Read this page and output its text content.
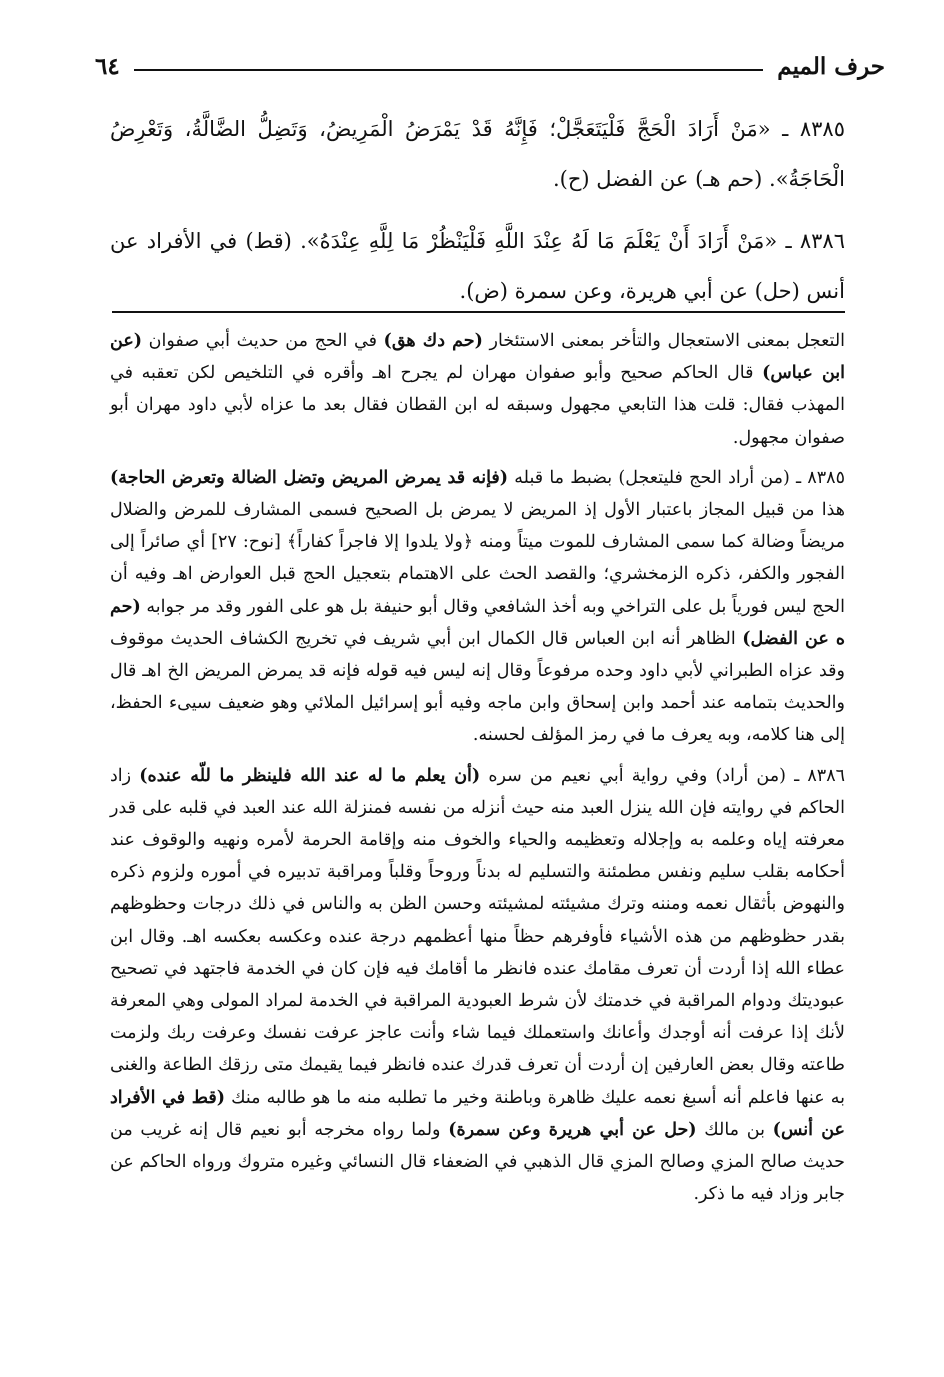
حرف الميم
٦٤

٨٣٨٥ ـ «مَنْ أَرَادَ الْحَجَّ فَلْيَتَعَجَّلْ؛ فَإِنَّهُ قَدْ يَمْرَضُ الْمَرِيضُ، وَتَضِلُّ الضَّالَّةُ، وَتَعْرِضُ الْحَاجَةُ». (حم هـ) عن الفضل (ح).

٨٣٨٦ ـ «مَنْ أَرَادَ أَنْ يَعْلَمَ مَا لَهُ عِنْدَ اللَّهِ فَلْيَنْظُرْ مَا لِلَّهِ عِنْدَهُ». (قط) في الأفراد عن أنس (حل) عن أبي هريرة، وعن سمرة (ض).

التعجل بمعنى الاستعجال والتأخر بمعنى الاستئخار (حم دك هق) في الحج من حديث أبي صفوان (عن ابن عباس) قال الحاكم صحيح وأبو صفوان مهران لم يجرح اهـ وأقره في التلخيص لكن تعقبه في المهذب فقال: قلت هذا التابعي مجهول وسبقه له ابن القطان فقال بعد ما عزاه لأبي داود مهران أبو صفوان مجهول.

٨٣٨٥ ـ (من أراد الحج فليتعجل) بضبط ما قبله (فإنه قد يمرض المريض وتضل الضالة وتعرض الحاجة) هذا من قبيل المجاز باعتبار الأول إذ المريض لا يمرض بل الصحيح فسمى المشارف للمرض والضلال مريضاً وضالة كما سمى المشارف للموت ميتاً ومنه ﴿ولا يلدوا إلا فاجراً كفاراً﴾ [نوح: ٢٧] أي صائراً إلى الفجور والكفر، ذكره الزمخشري؛ والقصد الحث على الاهتمام بتعجيل الحج قبل العوارض اهـ وفيه أن الحج ليس فورياً بل على التراخي وبه أخذ الشافعي وقال أبو حنيفة بل هو على الفور وقد مر جوابه (حم ه عن الفضل) الظاهر أنه ابن العباس قال الكمال ابن أبي شريف في تخريج الكشاف الحديث موقوف وقد عزاه الطبراني لأبي داود وحده مرفوعاً وقال إنه ليس فيه قوله فإنه قد يمرض المريض الخ اهـ قال والحديث بتمامه عند أحمد وابن إسحاق وابن ماجه وفيه أبو إسرائيل الملائي وهو ضعيف سيىء الحفظ، إلى هنا كلامه، وبه يعرف ما في رمز المؤلف لحسنه.

٨٣٨٦ ـ (من أراد) وفي رواية أبي نعيم من سره (أن يعلم ما له عند الله فلينظر ما للّه عنده) زاد الحاكم في روايته فإن الله ينزل العبد منه حيث أنزله من نفسه فمنزلة الله عند العبد في قلبه على قدر معرفته إياه وعلمه به وإجلاله وتعظيمه والحياء والخوف منه وإقامة الحرمة لأمره ونهيه والوقوف عند أحكامه بقلب سليم ونفس مطمئنة والتسليم له بدناً وروحاً وقلباً ومراقبة تدبيره في أموره ولزوم ذكره والنهوض بأثقال نعمه ومننه وترك مشيئته لمشيئته وحسن الظن به والناس في ذلك درجات وحظوظهم بقدر حظوظهم من هذه الأشياء فأوفرهم حظاً منها أعظمهم درجة عنده وعكسه بعكسه اهـ. وقال ابن عطاء الله إذا أردت أن تعرف مقامك عنده فانظر ما أقامك فيه فإن كان في الخدمة فاجتهد في تصحيح عبوديتك ودوام المراقبة في خدمتك لأن شرط العبودية المراقبة في الخدمة لمراد المولى وهي المعرفة لأنك إذا عرفت أنه أوجدك وأعانك واستعملك فيما شاء وأنت عاجز عرفت نفسك وعرفت ربك ولزمت طاعته وقال بعض العارفين إن أردت أن تعرف قدرك عنده فانظر فيما يقيمك متى رزقك الطاعة والغنى به عنها فاعلم أنه أسبغ نعمه عليك ظاهرة وباطنة وخير ما تطلبه منه ما هو طالبه منك (قط في الأفراد عن أنس) بن مالك (حل عن أبي هريرة وعن سمرة) ولما رواه مخرجه أبو نعيم قال إنه غريب من حديث صالح المزي وصالح المزي قال الذهبي في الضعفاء قال النسائي وغيره متروك ورواه الحاكم عن جابر وزاد فيه ما ذكر.
